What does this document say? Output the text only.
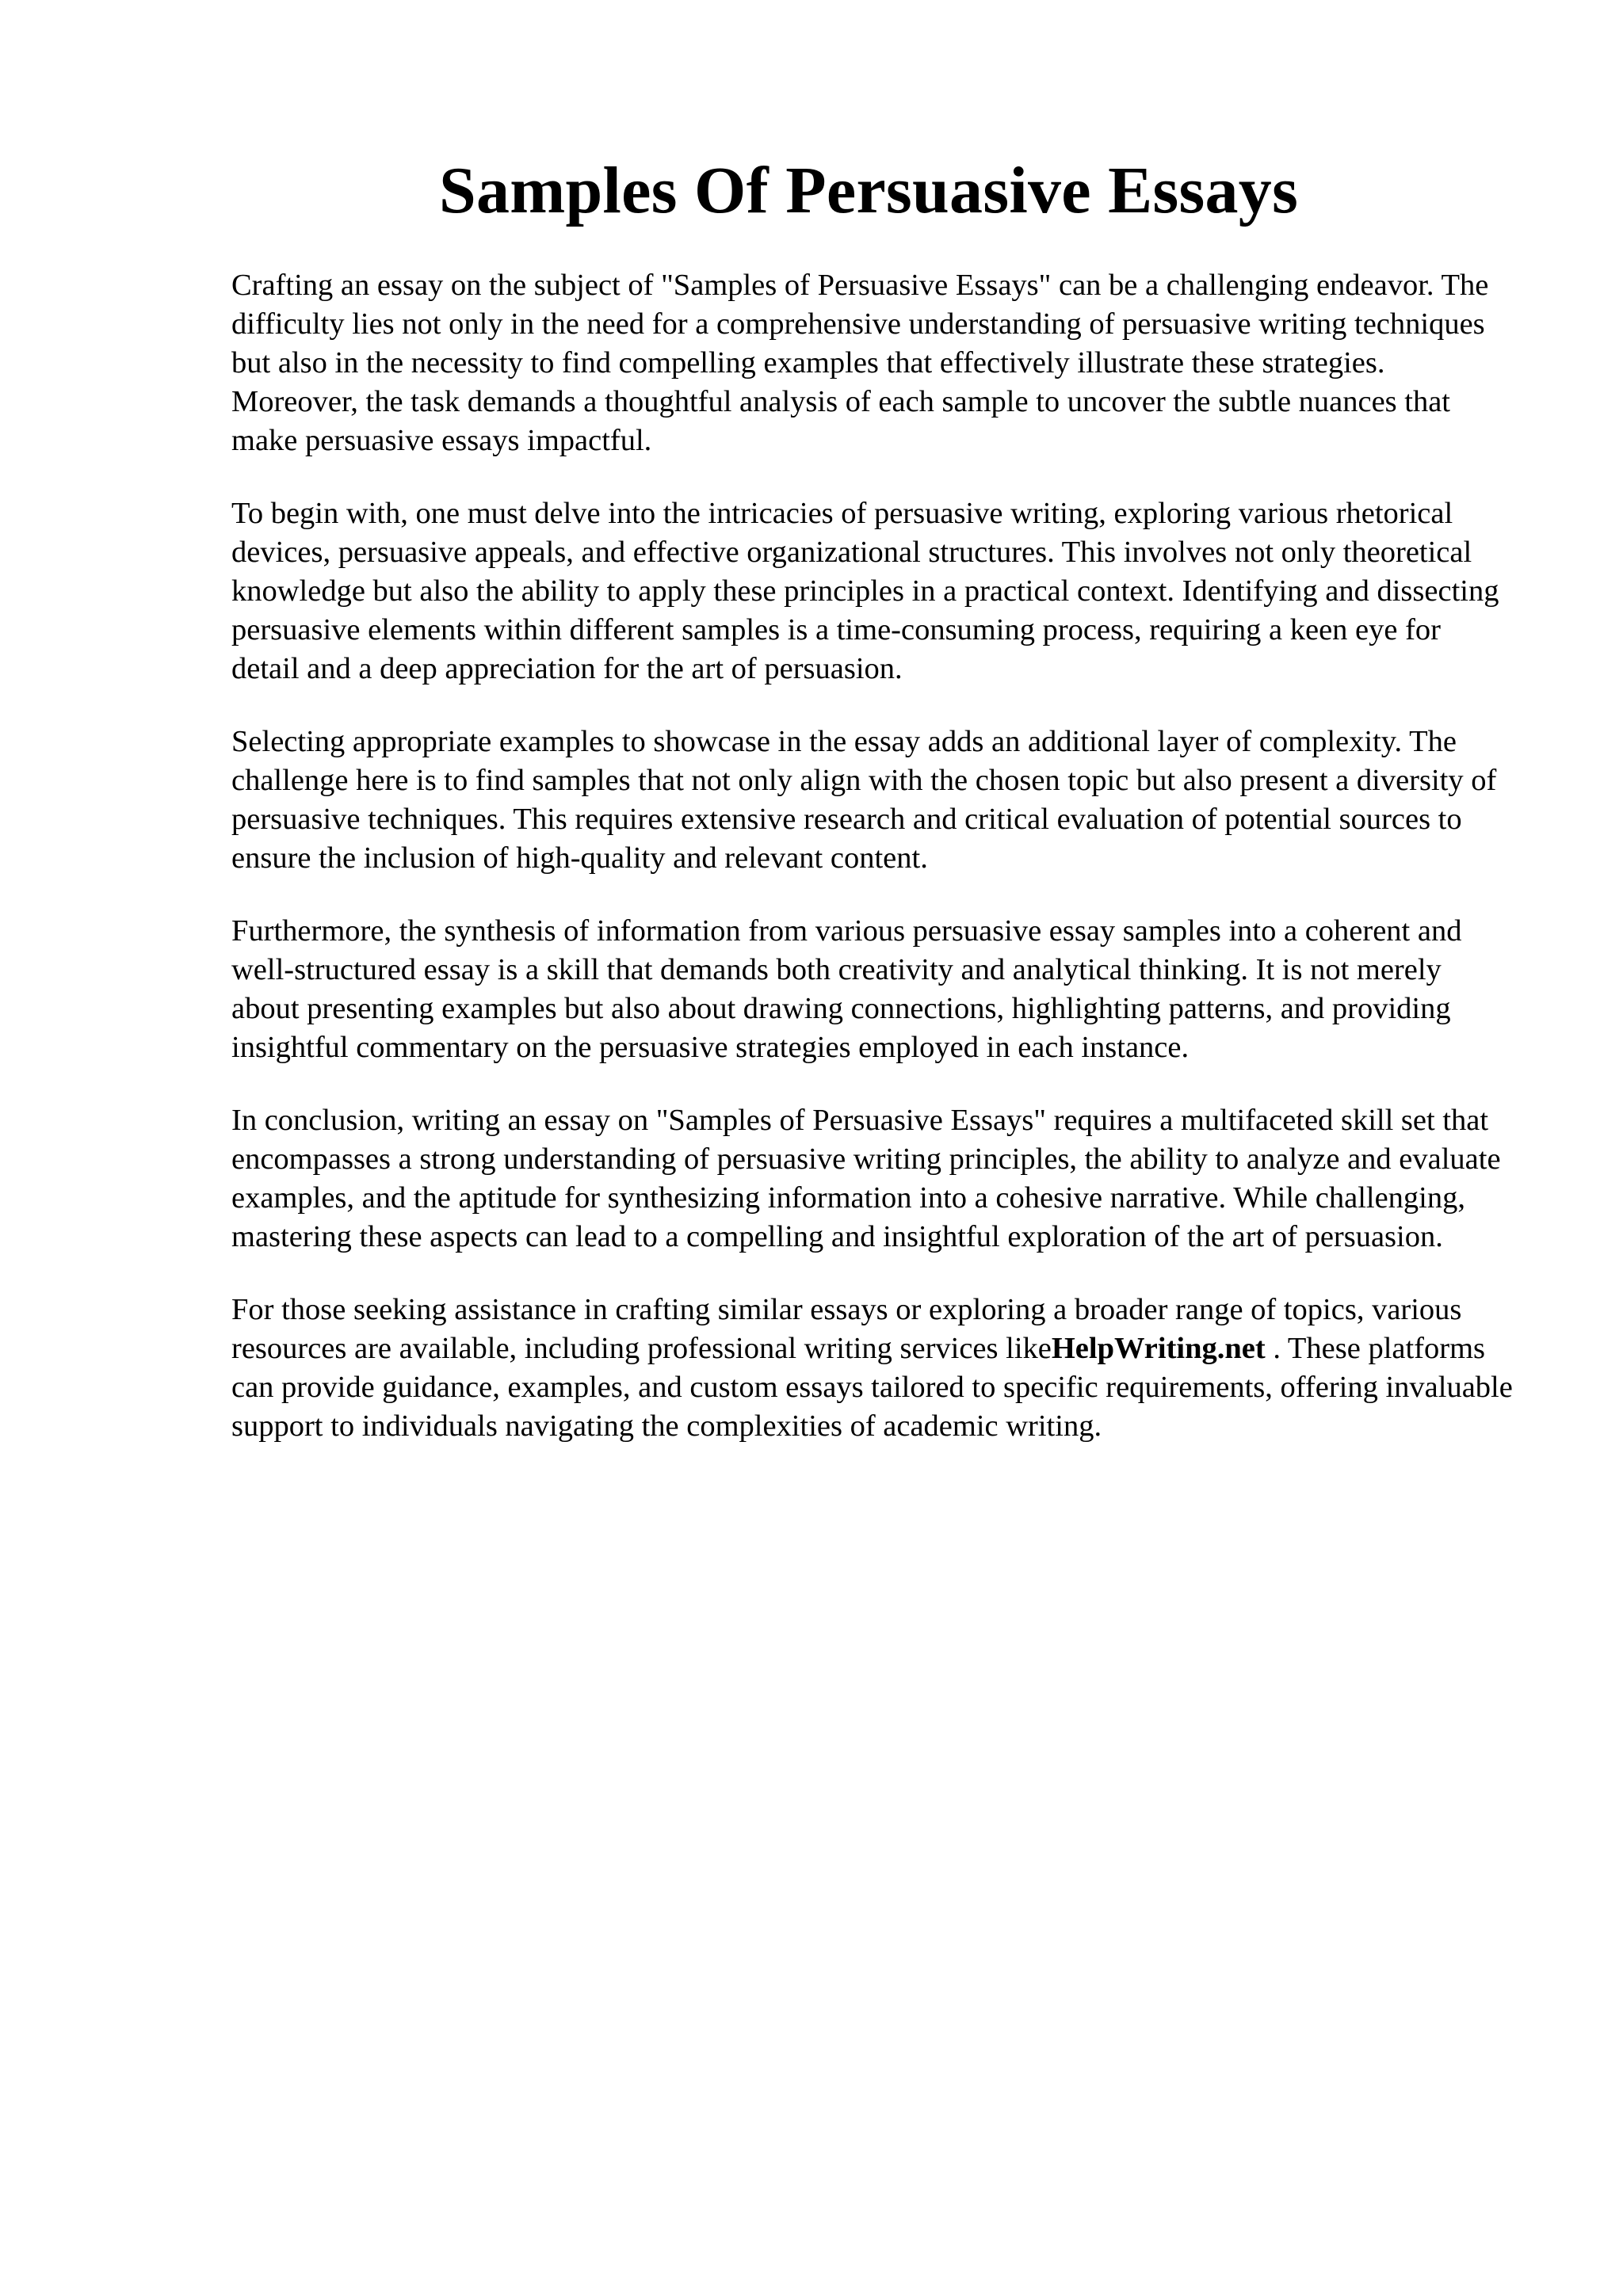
Samples Of Persuasive Essays

Crafting an essay on the subject of "Samples of Persuasive Essays" can be a challenging endeavor. The difficulty lies not only in the need for a comprehensive understanding of persuasive writing techniques but also in the necessity to find compelling examples that effectively illustrate these strategies. Moreover, the task demands a thoughtful analysis of each sample to uncover the subtle nuances that make persuasive essays impactful.

To begin with, one must delve into the intricacies of persuasive writing, exploring various rhetorical devices, persuasive appeals, and effective organizational structures. This involves not only theoretical knowledge but also the ability to apply these principles in a practical context. Identifying and dissecting persuasive elements within different samples is a time-consuming process, requiring a keen eye for detail and a deep appreciation for the art of persuasion.

Selecting appropriate examples to showcase in the essay adds an additional layer of complexity. The challenge here is to find samples that not only align with the chosen topic but also present a diversity of persuasive techniques. This requires extensive research and critical evaluation of potential sources to ensure the inclusion of high-quality and relevant content.

Furthermore, the synthesis of information from various persuasive essay samples into a coherent and well-structured essay is a skill that demands both creativity and analytical thinking. It is not merely about presenting examples but also about drawing connections, highlighting patterns, and providing insightful commentary on the persuasive strategies employed in each instance.

In conclusion, writing an essay on "Samples of Persuasive Essays" requires a multifaceted skill set that encompasses a strong understanding of persuasive writing principles, the ability to analyze and evaluate examples, and the aptitude for synthesizing information into a cohesive narrative. While challenging, mastering these aspects can lead to a compelling and insightful exploration of the art of persuasion.

For those seeking assistance in crafting similar essays or exploring a broader range of topics, various resources are available, including professional writing services likeHelpWriting.net . These platforms can provide guidance, examples, and custom essays tailored to specific requirements, offering invaluable support to individuals navigating the complexities of academic writing.
